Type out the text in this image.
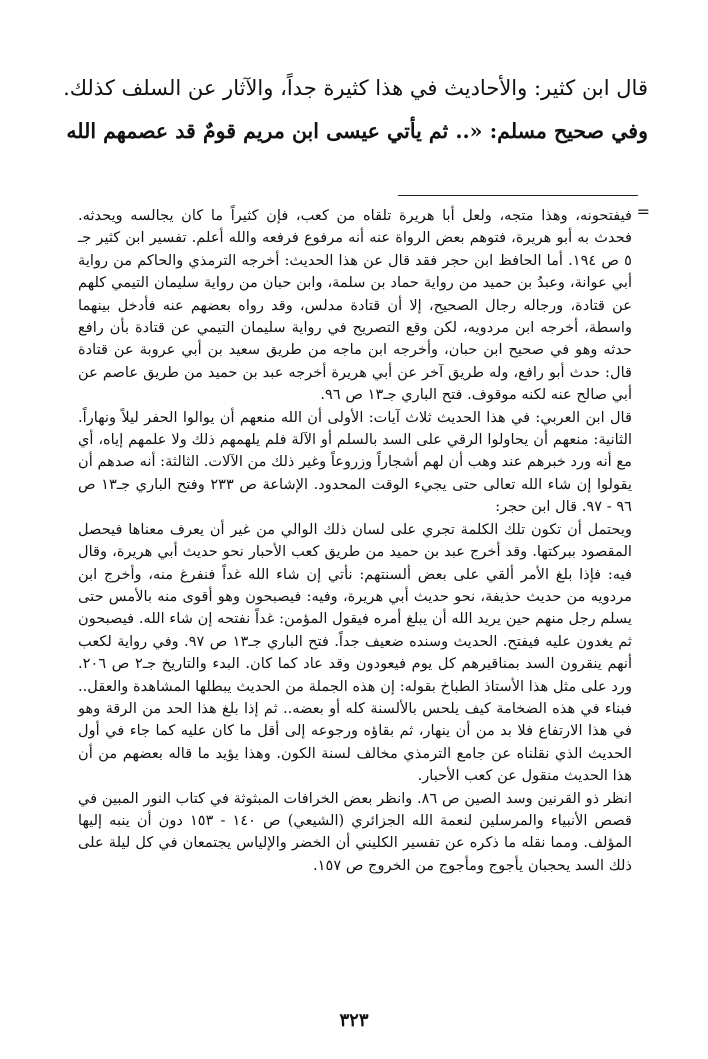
قال ابن كثير: والأحاديث في هذا كثيرة جداً، والآثار عن السلف كذلك.

وفي صحيح مسلم: «.. ثم يأتي عيسى ابن مريم قومٌ قد عصمهم الله

=

فيفتحونه، وهذا متجه، ولعل أبا هريرة تلقاه من كعب، فإن كثيراً ما كان يجالسه ويحدثه. فحدث به أبو هريرة، فتوهم بعض الرواة عنه أنه مرفوع فرفعه والله أعلم. تفسير ابن كثير جـ ٥ ص ١٩٤. أما الحافظ ابن حجر فقد قال عن هذا الحديث: أخرجه الترمذي والحاكم من رواية أبي عوانة، وعبدُ بن حميد من رواية حماد بن سلمة، وابن حبان من رواية سليمان التيمي كلهم عن قتادة، ورجاله رجال الصحيح، إلا أن قتادة مدلس، وقد رواه بعضهم عنه فأدخل بينهما واسطة، أخرجه ابن مردويه، لكن وقع التصريح في رواية سليمان التيمي عن قتادة بأن رافع حدثه وهو في صحيح ابن حبان، وأخرجه ابن ماجه من طريق سعيد بن أبي عروبة عن قتادة قال: حدث أبو رافع، وله طريق آخر عن أبي هريرة أخرجه عبد بن حميد من طريق عاصم عن أبي صالح عنه لكنه موقوف. فتح الباري جـ١٣ ص ٩٦.

قال ابن العربي: في هذا الحديث ثلاث آيات: الأولى أن الله منعهم أن يوالوا الحفر ليلاً ونهاراً. الثانية: منعهم أن يحاولوا الرقي على السد بالسلم أو الآلة فلم يلهمهم ذلك ولا علمهم إياه، أي مع أنه ورد خبرهم عند وهب أن لهم أشجاراً وزروعاً وغير ذلك من الآلات. الثالثة: أنه صدهم أن يقولوا إن شاء الله تعالى حتى يجيء الوقت المحدود. الإشاعة ص ٢٣٣ وفتح الباري جـ١٣ ص ٩٦ - ٩٧. قال ابن حجر:

ويحتمل أن تكون تلك الكلمة تجري على لسان ذلك الوالي من غير أن يعرف معناها فيحصل المقصود ببركتها. وقد أخرج عبد بن حميد من طريق كعب الأحبار نحو حديث أبي هريرة، وقال فيه: فإذا بلغ الأمر ألقي على بعض ألسنتهم: نأتي إن شاء الله غداً فنفرغ منه، وأخرج ابن مردويه من حديث حذيفة، نحو حديث أبي هريرة، وفيه: فيصبحون وهو أقوى منه بالأمس حتى يسلم رجل منهم حين يريد الله أن يبلغ أمره فيقول المؤمن: غداً نفتحه إن شاء الله. فيصبحون ثم يغدون عليه فيفتح. الحديث وسنده ضعيف جداً. فتح الباري جـ١٣ ص ٩٧. وفي رواية لكعب أنهم ينقرون السد بمناقيرهم كل يوم فيعودون وقد عاد كما كان. البدء والتاريخ جـ٢ ص ٢٠٦. ورد على مثل هذا الأستاذ الطباخ بقوله: إن هذه الجملة من الحديث يبطلها المشاهدة والعقل.. فبناء في هذه الضخامة كيف يلحس بالألسنة كله أو بعضه.. ثم إذا بلغ هذا الحد من الرقة وهو في هذا الارتفاع فلا بد من أن ينهار، ثم بقاؤه ورجوعه إلى أقل ما كان عليه كما جاء في أول الحديث الذي نقلناه عن جامع الترمذي مخالف لسنة الكون. وهذا يؤيد ما قاله بعضهم من أن هذا الحديث منقول عن كعب الأحبار.

انظر ذو القرنين وسد الصين ص ٨٦. وانظر بعض الخرافات المبثوثة في كتاب النور المبين في قصص الأنبياء والمرسلين لنعمة الله الجزائري (الشيعي) ص ١٤٠ - ١٥٣ دون أن ينبه إليها المؤلف. ومما نقله ما ذكره عن تفسير الكليني أن الخضر والإلياس يجتمعان في كل ليلة على ذلك السد يحجبان يأجوج ومأجوج من الخروج ص ١٥٧.

٣٢٣
